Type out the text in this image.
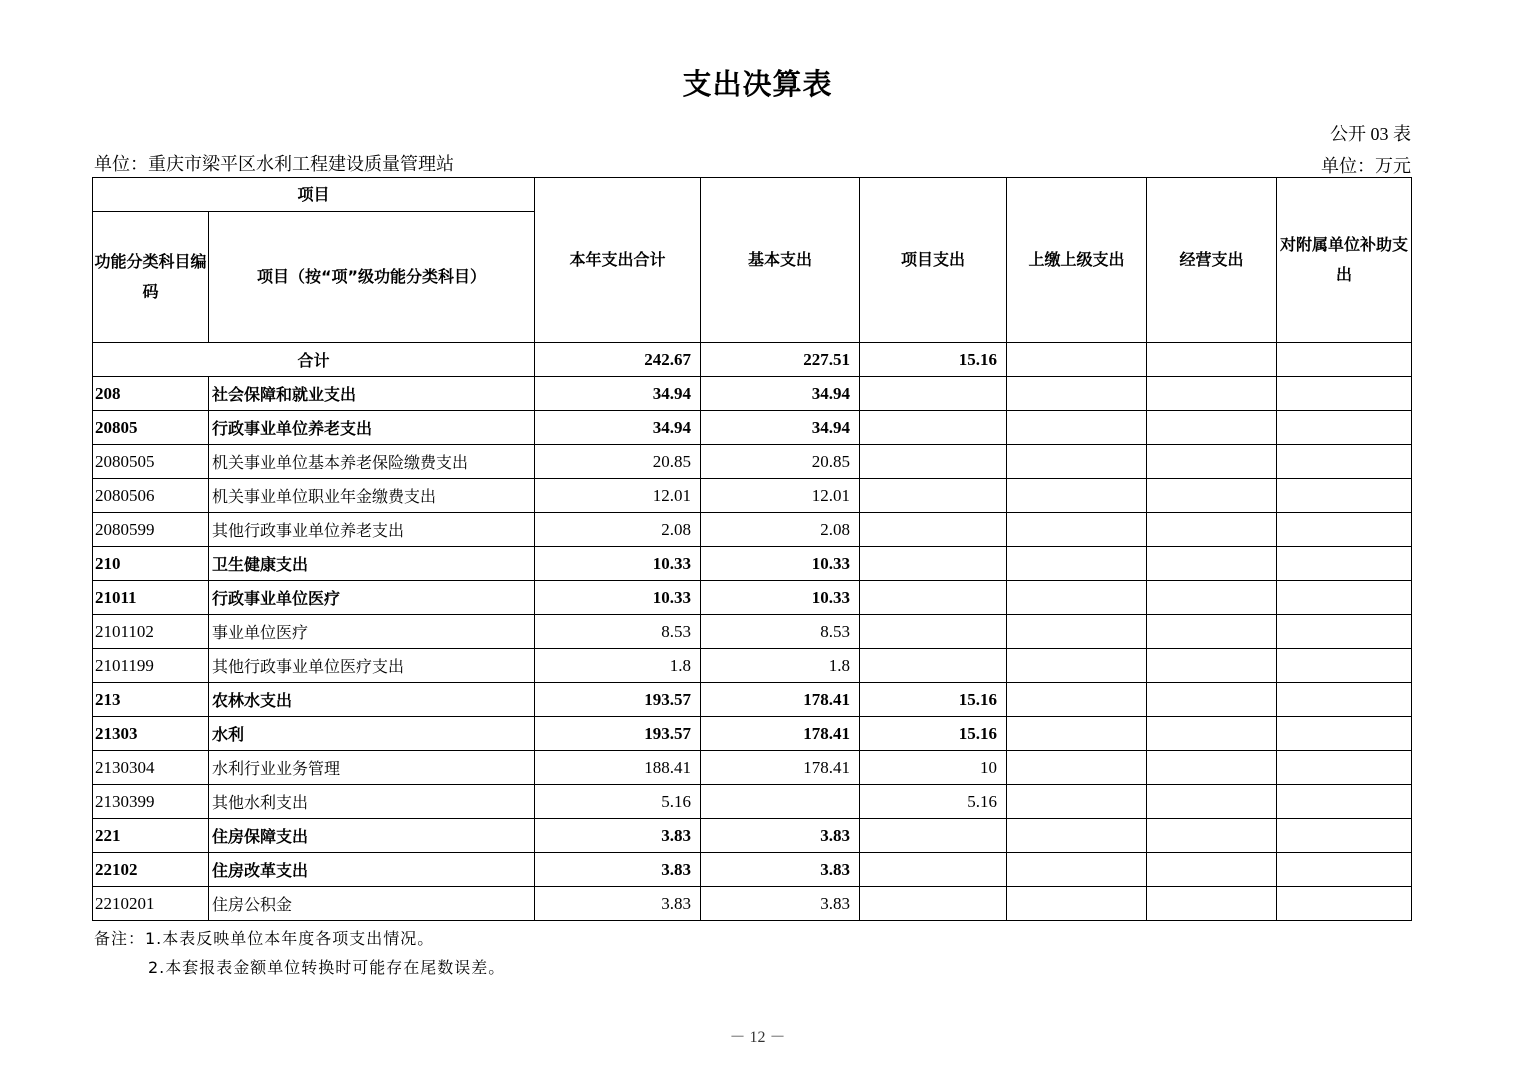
支出决算表
公开 03 表
单位：重庆市梁平区水利工程建设质量管理站	单位：万元
项目		本年支出合计	基本支出	项目支出	上缴上级支出	经营支出	对附属单位补助支出
功能分类科目编码	项目（按“项”级功能分类科目）						
合计		242.67	227.51	15.16			
208	社会保障和就业支出	34.94	34.94				
20805	行政事业单位养老支出	34.94	34.94				
2080505	机关事业单位基本养老保险缴费支出	20.85	20.85				
2080506	机关事业单位职业年金缴费支出	12.01	12.01				
2080599	其他行政事业单位养老支出	2.08	2.08				
210	卫生健康支出	10.33	10.33				
21011	行政事业单位医疗	10.33	10.33				
2101102	事业单位医疗	8.53	8.53				
2101199	其他行政事业单位医疗支出	1.8	1.8				
213	农林水支出	193.57	178.41	15.16			
21303	水利	193.57	178.41	15.16			
2130304	水利行业业务管理	188.41	178.41	10			
2130399	其他水利支出	5.16		5.16			
221	住房保障支出	3.83	3.83				
22102	住房改革支出	3.83	3.83				
2210201	住房公积金	3.83	3.83				
备注：1.本表反映单位本年度各项支出情况。
2.本套报表金额单位转换时可能存在尾数误差。
－ 12 －
